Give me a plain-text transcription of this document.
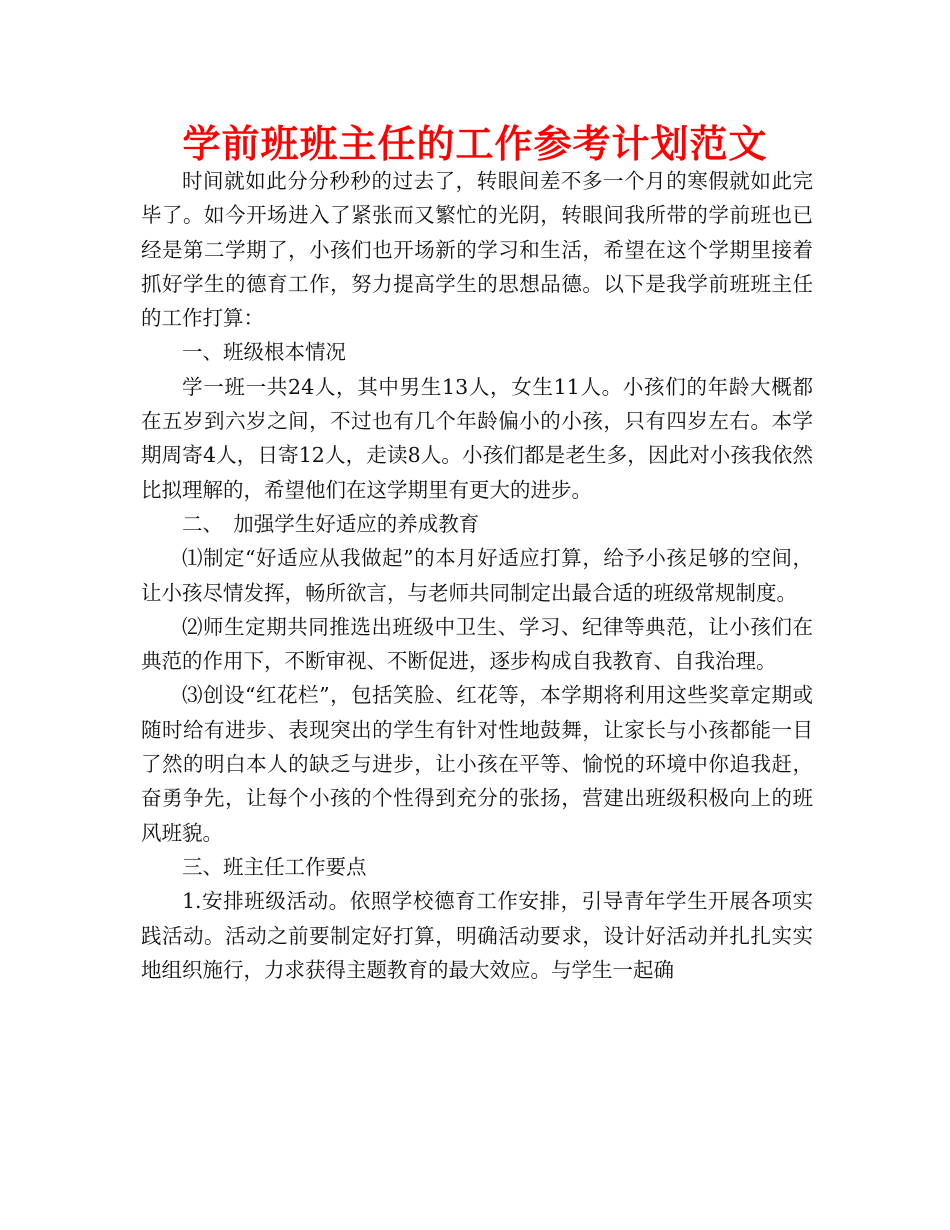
学前班班主任的工作参考计划范文

时间就如此分分秒秒的过去了，转眼间差不多一个月的寒假就如此完毕了。如今开场进入了紧张而又繁忙的光阴，转眼间我所带的学前班也已经是第二学期了，小孩们也开场新的学习和生活，希望在这个学期里接着抓好学生的德育工作，努力提高学生的思想品德。以下是我学前班班主任的工作打算：

一、班级根本情况

学一班一共24人，其中男生13人，女生11人。小孩们的年龄大概都在五岁到六岁之间，不过也有几个年龄偏小的小孩，只有四岁左右。本学期周寄4人，日寄12人，走读8人。小孩们都是老生多，因此对小孩我依然比拟理解的，希望他们在这学期里有更大的进步。

二、　加强学生好适应的养成教育

⑴制定“好适应从我做起”的本月好适应打算，给予小孩足够的空间，让小孩尽情发挥，畅所欲言，与老师共同制定出最合适的班级常规制度。

⑵师生定期共同推选出班级中卫生、学习、纪律等典范，让小孩们在典范的作用下，不断审视、不断促进，逐步构成自我教育、自我治理。

⑶创设“红花栏”，包括笑脸、红花等，本学期将利用这些奖章定期或随时给有进步、表现突出的学生有针对性地鼓舞，让家长与小孩都能一目了然的明白本人的缺乏与进步，让小孩在平等、愉悦的环境中你追我赶，奋勇争先，让每个小孩的个性得到充分的张扬，营建出班级积极向上的班风班貌。

三、班主任工作要点

1.安排班级活动。依照学校德育工作安排，引导青年学生开展各项实践活动。活动之前要制定好打算，明确活动要求，设计好活动并扎扎实实地组织施行，力求获得主题教育的最大效应。与学生一起确
